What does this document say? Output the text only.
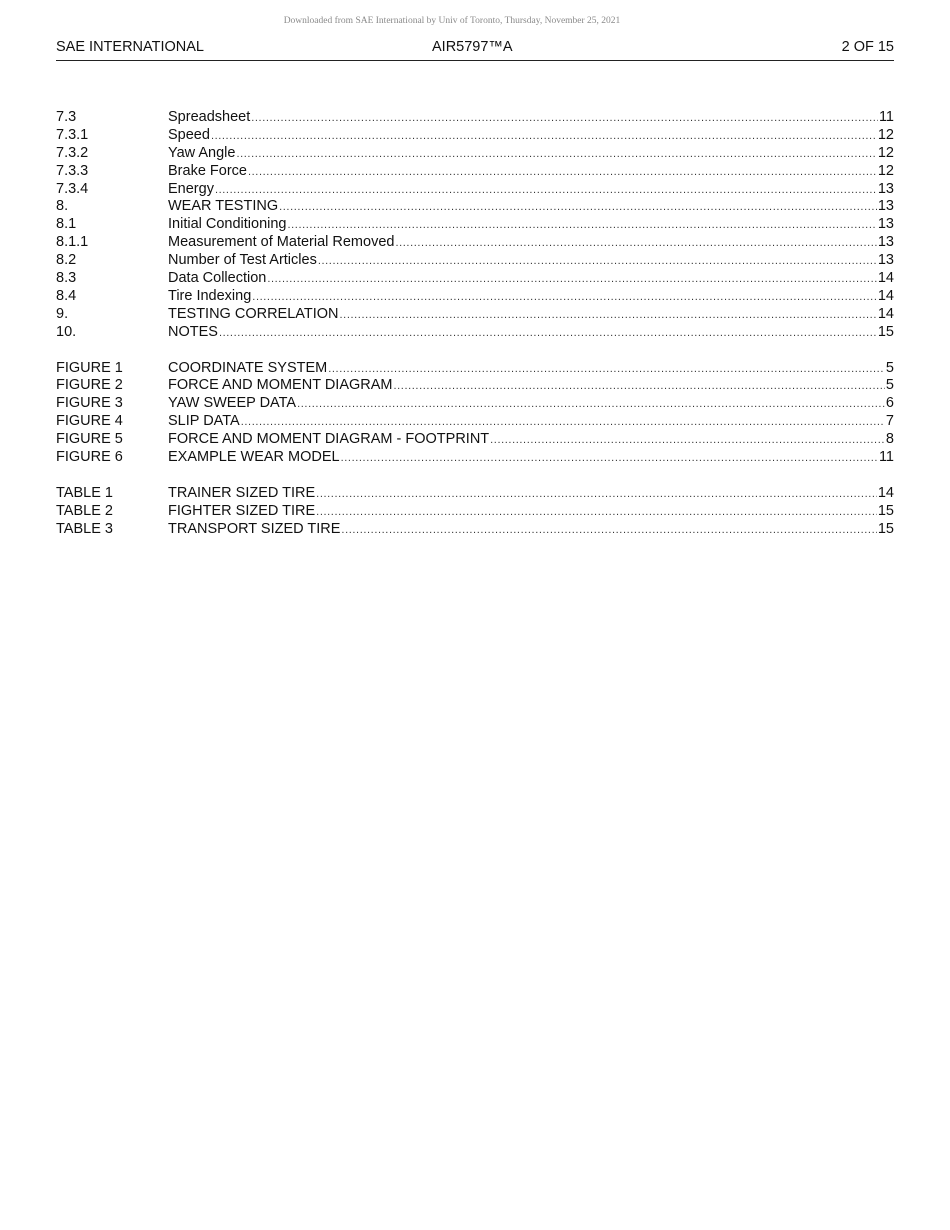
Downloaded from SAE International by Univ of Toronto, Thursday, November 25, 2021
SAE INTERNATIONAL	AIR5797™A	2 OF 15
7.3	Spreadsheet .....	11
7.3.1	Speed .....	12
7.3.2	Yaw Angle .....	12
7.3.3	Brake Force .....	12
7.3.4	Energy .....	13
8.	WEAR TESTING .....	13
8.1	Initial Conditioning .....	13
8.1.1	Measurement of Material Removed .....	13
8.2	Number of Test Articles .....	13
8.3	Data Collection .....	14
8.4	Tire Indexing .....	14
9.	TESTING CORRELATION .....	14
10.	NOTES .....	15
FIGURE 1	COORDINATE SYSTEM .....	5
FIGURE 2	FORCE AND MOMENT DIAGRAM .....	5
FIGURE 3	YAW SWEEP DATA .....	6
FIGURE 4	SLIP DATA .....	7
FIGURE 5	FORCE AND MOMENT DIAGRAM - FOOTPRINT .....	8
FIGURE 6	EXAMPLE WEAR MODEL .....	11
TABLE 1	TRAINER SIZED TIRE .....	14
TABLE 2	FIGHTER SIZED TIRE .....	15
TABLE 3	TRANSPORT SIZED TIRE .....	15
